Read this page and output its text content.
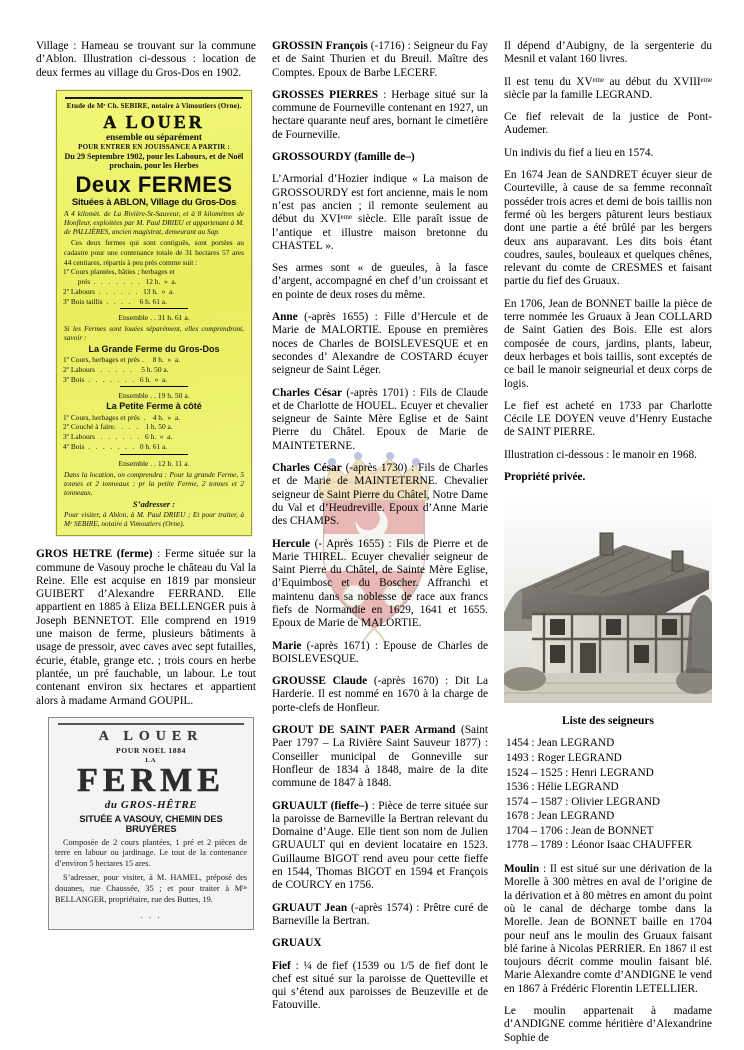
Village : Hameau se trouvant sur la commune d’Ablon. Illustration ci-dessous : location de deux fermes au village du Gros-Dos en 1902.

Etude de Mᵉ Ch. SEBIRE, notaire à Vimoutiers (Orne).
A LOUER
ensemble ou séparément
POUR ENTRER EN JOUISSANCE A PARTIR :
Du 29 Septembre 1902, pour les Labours, et de Noël prochain, pour les Herbes
Deux FERMES
Situées à ABLON, Village du Gros-Dos
A 4 kilomèt. de La Rivière-St-Sauveur, et à 8 kilomètres de Honfleur, exploitées par M. Paul DRIEU et appartenant à M. de PALLIÈRES, ancien magistrat, demeurant au Sap.
Ces deux fermes qui sont contiguës, sont portées au cadastre pour une contenance totale de 31 hectares 57 ares 44 centiares, répartis à peu près comme suit :
1º Cours plantées, bâties ; herbages et
prés  .   .   .   .   .   .   .   12 h.  »  a.
2º Labours  .   .   .   .   .   .   13 h.  »  a.
3º Bois taillis  .   .   .   .     6 h. 61 a.

Ensemble . . 31 h. 61 a.
Si les Fermes sont louées séparément, elles comprendront, savoir :
La Grande Ferme du Gros-Dos
1º Cours, herbages et prés .     8 h.  »  a.
2º Labours   .   .   .   .   .     5 h. 50 a.
3º Bois  .   .   .   .   .   .   .   6 h.  »  a.

Ensemble . . 19 h. 50 a.
La Petite Ferme à côté
1º Cours, herbages et prés  .    4 h.  »  a.
2º Couché à faire.   .   .   .    1 h. 50 a.
3º Labours   .   .   .   .   .   .   6 h.  »  a.
4º Bois  .   .   .   .   .   .   .   0 h. 61 a.

Ensemble . . 12 h. 11 a.
Dans la location, on comprendra : Pour la grande Ferme, 5 tonnes et 2 tonneaux ; pr la petite Ferme, 2 tonnes et 2 tonneaux.
S’adresser :
Pour visiter, à Ablon, à M. Paul DRIEU ; Et pour traiter, à Mᵉ SEBIRE, notaire à Vimoutiers (Orne).

GROS HETRE (ferme) : Ferme située sur la commune de Vasouy proche le château du Val la Reine. Elle est acquise en 1819 par monsieur GUIBERT d’Alexandre FERRAND. Elle appartient en 1885 à Eliza BELLENGER puis à Joseph BENNETOT. Elle comprend en 1919 une maison de ferme, plusieurs bâtiments à usage de pressoir, avec caves avec sept futailles, écurie, étable, grange etc. ; trois cours en herbe plantée, un pré fauchable, un labour. Le tout contenant environ six hectares et appartient alors à madame Armand GOUPIL.

A LOUER
POUR NOEL 1884
LA
FERME
du GROS-HÊTRE
SITUÉE A VASOUY, CHEMIN DES BRUYÈRES
Composée de 2 cours plantées, 1 pré et 2 pièces de terre en labour ou jardinage. Le tout de la contenance d’environ 5 hectares 15 ares.
S’adresser, pour visiter, à M. HAMEL, préposé des douanes, rue Chaussée, 35 ; et pour traiter à Mˡˡᵉ BELLANGER, propriétaire, rue des Buttes, 19.
. . .

GROSSIN François (-1716) : Seigneur du Fay et de Saint Thurien et du Breuil. Maître des Comptes. Epoux de Barbe LECERF.

GROSSES PIERRES : Herbage situé sur la commune de Fourneville contenant en 1927, un hectare quarante neuf ares, bornant le cimetière de Fourneville.

GROSSOURDY (famille de–)

L’Armorial d’Hozier indique « La maison de GROSSOURDY est fort ancienne, mais le nom n’est pas ancien ; il remonte seulement au début du XVIᵉᵐᵉ siècle. Elle paraît issue de l’antique et illustre maison bretonne du CHASTEL ».

Ses armes sont « de gueules, à la fasce d’argent, accompagné en chef d’un croissant et en pointe de deux roses du même.

Anne (-après 1655) : Fille d’Hercule et de Marie de MALORTIE. Epouse en premières noces de Charles de BOISLEVESQUE et en secondes d’ Alexandre de COSTARD écuyer seigneur de Saint Léger.

Charles César (-après 1701) : Fils de Claude et de Charlotte de HOUEL. Ecuyer et chevalier seigneur de Sainte Mère Eglise et de Saint Pierre du Châtel. Epoux de Marie de MAINTETERNE.

Charles César (-après 1730) : Fils de Charles et de Marie de MAINTETERNE. Chevalier seigneur de Saint Pierre du Châtel, Notre Dame du Val et d’Heudreville. Epoux d’Anne Marie des CHAMPS.

Hercule (- Après 1655) : Fils de Pierre et de Marie THIREL. Ecuyer chevalier seigneur de Saint Pierre du Châtel, de Sainte Mère Eglise, d’Equimbosc et du Boscher. Affranchi et maintenu dans sa noblesse de race aux francs fiefs de Normandie en 1629, 1641 et 1655. Epoux de Marie de MALORTIE.

Marie (-après 1671) : Epouse de Charles de BOISLEVESQUE.

GROUSSE Claude (-après 1670) : Dit La Harderie. Il est nommé en 1670 à la charge de porte-clefs de Honfleur.

GROUT DE SAINT PAER Armand (Saint Paer 1797 – La Rivière Saint Sauveur 1877) : Conseiller municipal de Gonneville sur Honfleur de 1834 à 1848, maire de la dite commune de 1847 à 1848.

GRUAULT (fieffe–) : Pièce de terre située sur la paroisse de Barneville la Bertran relevant du Domaine d’Auge. Elle tient son nom de Julien GRUAULT qui en devient locataire en 1523. Guillaume BIGOT rend aveu pour cette fieffe en 1544, Thomas BIGOT en 1594 et François de COURCY en 1756.

GRUAUT Jean (-après 1574) : Prêtre curé de Barneville la Bertran.

GRUAUX

Fief : ¼ de fief (1539 ou 1/5 de fief dont le chef est situé sur la paroisse de Quetteville et qui s’étend aux paroisses de Beuzeville et de Fatouville.

Il dépend d’Aubigny, de la sergenterie du Mesnil et valant 160 livres.

Il est tenu du XVᵉᵐᵉ au début du XVIIIᵉᵐᵉ siècle par la famille LEGRAND.

Ce fief relevait de la justice de Pont-Audemer.

Un indivis du fief a lieu en 1574.

En 1674 Jean de SANDRET écuyer sieur de Courteville, à cause de sa femme reconnaît posséder trois acres et demi de bois taillis non fermé où les bergers pâturent leurs bestiaux dont une partie a été brûlé par les bergers deux ans auparavant. Les dits bois étant coudres, saules, bouleaux et quelques chênes, relevant du comte de CRESMES et faisant partie du fief des Gruaux.

En 1706, Jean de BONNET baille la pièce de terre nommée les Gruaux à Jean COLLARD de Saint Gatien des Bois. Elle est alors composée de cours, jardins, plants, labeur, deux herbages et bois taillis, sont exceptés de ce bail le manoir seigneurial et deux corps de logis.

Le fief est acheté en 1733 par Charlotte Cécile LE DOYEN veuve d’Henry Eustache de SAINT PIERRE.

Illustration ci-dessous : le manoir en 1968.

Propriété privée.

Liste des seigneurs
1454 : Jean LEGRAND
1493 : Roger LEGRAND
1524 – 1525 : Henri LEGRAND
1536 : Hélie LEGRAND
1574 – 1587 : Olivier LEGRAND
1678 : Jean LEGRAND
1704 – 1706 : Jean de BONNET
1778 – 1789 : Léonor Isaac CHAUFFER

Moulin : Il est situé sur une dérivation de la Morelle à 300 mètres en aval de l’origine de la dérivation et à 80 mètres en amont du point où le canal de décharge tombe dans la Morelle. Jean de BONNET baille en 1704 pour neuf ans le moulin des Gruaux faisant blé farine à Nicolas PERRIER. En 1867 il est toujours décrit comme moulin faisant blé. Marie Alexandre comte d’ANDIGNE le vend en 1867 à Frédéric Florentin LETELLIER.

Le moulin appartenait à madame d’ANDIGNE comme héritière d’Alexandrine Sophie de
